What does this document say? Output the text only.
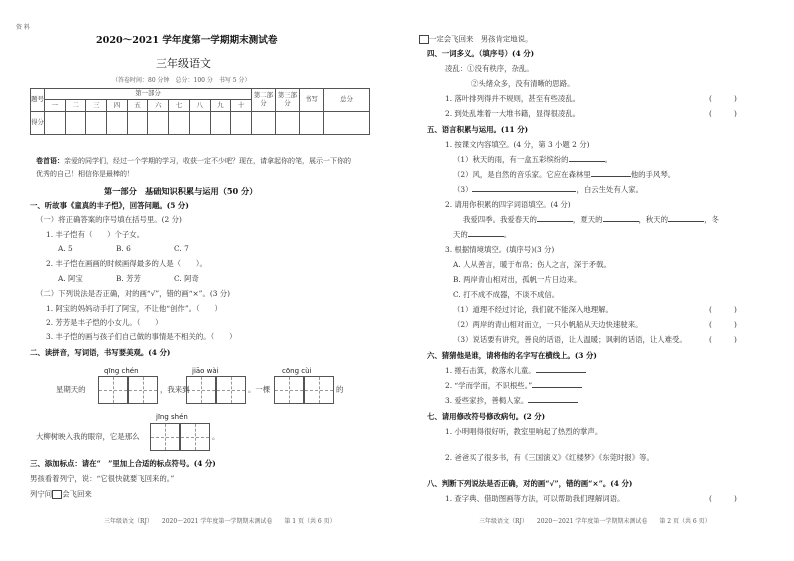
资 料
2020～2021 学年度第一学期期末测试卷
三年级语文
（答卷时间：80 分钟　总分：100 分　书写 5 分）
题号	第一部分										第二部分	第三部分	书写	总分
	一	二	三	四	五	六	七	八	九	十				
得分														
卷首语：亲爱的同学们，经过一个学期的学习，收获一定不少吧？现在，请拿起你的笔，展示一下你的
优秀的自己！相信你是最棒的！
第一部分　基础知识积累与运用（50 分）
一、听故事《童真的丰子恺》，回答问题。(5 分)
（一）将正确答案的序号填在括号里。(2 分)
1. 丰子恺有（　　）个子女。
A. 5	B. 6	C. 7
2. 丰子恺在画画的时候画得最多的人是（　　）。
A. 阿宝	B. 芳芳	C. 阿奇
（二）下列说法是否正确，对的画“√”，错的画“×”。(3 分)
1. 阿宝的妈妈动手打了阿宝，不让他“创作”。（　　）
2. 芳芳是丰子恺的小女儿。（　　）
3. 丰子恺的画与孩子们自己做的事情是不相关的。（　　）
二、读拼音，写词语，书写要美观。(4 分)
qīng chén	jiāo wài	cōng cùi
星期天的	，我来到	。一棵	的
jīng shén
大柳树映入我的眼帘，它是那么	。
三、添加标点：请在“　”里加上合适的标点符号。(4 分)
男孩看着列宁，说：“它很快就要飞回来的。”
列宁问 会飞回来
三年级语文（RJ）　　2020～2021 学年度第一学期期末测试卷　　第 1 页（共 6 页）
一定会飞回来　男孩肯定地说。
四、一词多义。（填序号）(4 分)
凌乱：①没有秩序，杂乱。
②头绪众多，没有清晰的思路。
1. 落叶排列得并不规则，甚至有些凌乱。	(　　　)
2. 到处乱堆着一大堆书籍，显得很凌乱。	(　　　)
五、语言积累与运用。(11 分)
1. 按课文内容填空。(4 分，第 3 小题 2 分)
（1）秋天的雨，有一盒五彩缤纷的	。
（2）风，是自然的音乐家。它应在森林里	他的手风琴。
（3）	，白云生处有人家。
2. 请用你积累的四字词语填空。(4 分)
我爱四季。我爱春天的	，夏天的	，秋天的	，冬
天的	。
3. 根据情境填空。(填序号)(3 分)
A. 人从善言，暖于布帛；伤人之言，深于矛戟。
B. 两岸青山相对出，孤帆一片日边来。
C. 打不成不成器，不谈不成信。
（1）道理不经过讨论，我们就不能深入地理解。	(　　　)
（2）两岸的青山相对而立，一只小帆船从天边快速驶来。	(　　　)
（3）说话要有讲究，善良的话语，让人温暖；讽刺的话语，让人难受。	(　　　)
六、猜猜他是谁，请将他的名字写在横线上。(3 分)
1. 捲石击箕，救落水儿童。
2. “学而学而，不识根些。”
3. 爱些家抮，善梮人家。
七、请用修改符号修改病句。(2 分)
1. 小明唱得很好听，教室里响起了热烈的掌声。
2. 爸爸买了很多书，有《三国演义》《红楼梦》《东莞时报》等。
八、判断下列说法是否正确，对的画“√”，错的画“×”。(4 分)
1. 查字典、借助图画等方法，可以帮助我们理解词语。	(　　　)
三年级语文（RJ）　　2020～2021 学年度第一学期期末测试卷　　第 2 页（共 6 页）
